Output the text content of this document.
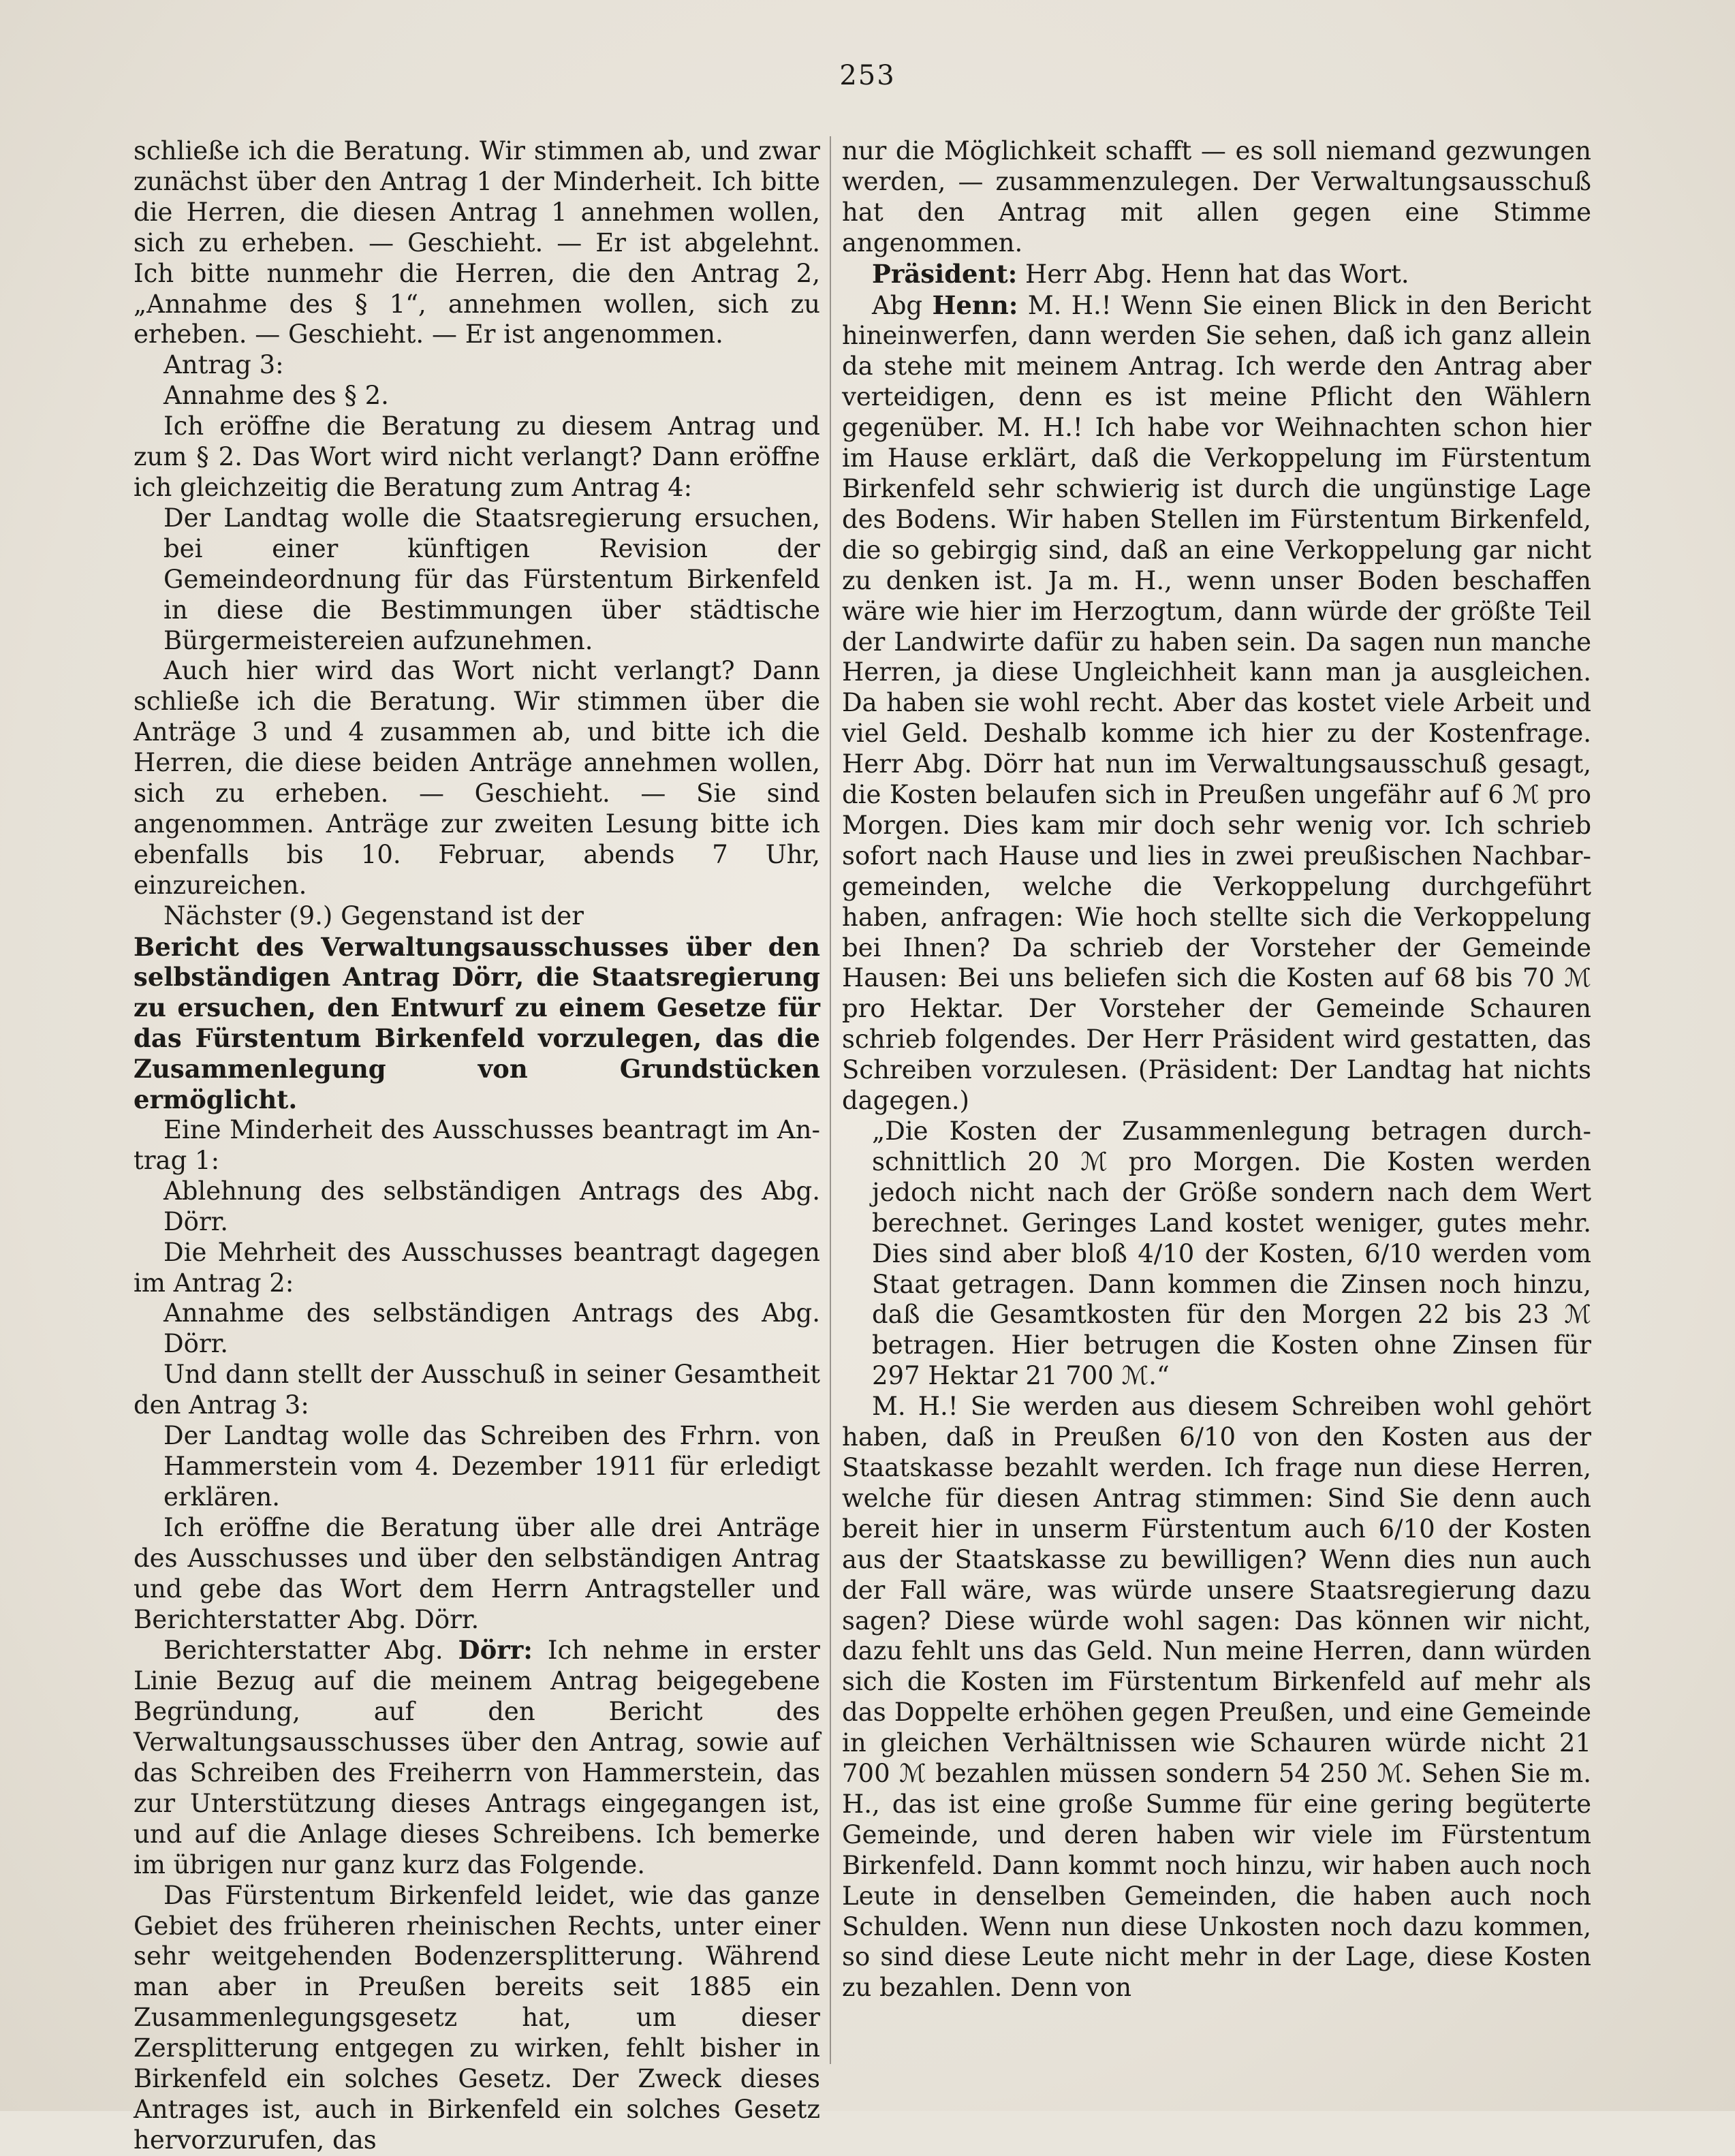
253

schließe ich die Beratung. Wir stimmen ab, und zwar zunächst über den Antrag 1 der Minderheit. Ich bitte die Herren, die diesen Antrag 1 annehmen wollen, sich zu erheben. — Geschieht. — Er ist abgelehnt. Ich bitte nunmehr die Herren, die den Antrag 2, „Annahme des § 1“, annehmen wollen, sich zu erheben. — Geschieht. — Er ist angenommen.

Antrag 3:

Annahme des § 2.

Ich eröffne die Beratung zu diesem Antrag und zum § 2. Das Wort wird nicht verlangt? Dann eröffne ich gleichzeitig die Beratung zum Antrag 4:

Der Landtag wolle die Staatsregierung ersuchen, bei einer künftigen Revision der Gemeindeordnung für das Fürstentum Birkenfeld in diese die Bestimmungen über städtische Bürgermeistereien aufzunehmen.

Auch hier wird das Wort nicht verlangt? Dann schließe ich die Beratung. Wir stimmen über die Anträge 3 und 4 zusammen ab, und bitte ich die Herren, die diese beiden Anträge annehmen wollen, sich zu erheben. — Geschieht. — Sie sind angenommen. Anträge zur zweiten Lesung bitte ich ebenfalls bis 10. Februar, abends 7 Uhr, einzureichen.

Nächster (9.) Gegenstand ist der

Bericht des Verwaltungsausschusses über den selbständigen Antrag Dörr, die Staatsregierung zu ersuchen, den Entwurf zu einem Gesetze für das Fürstentum Birkenfeld vorzulegen, das die Zusammenlegung von Grundstücken ermöglicht.

Eine Minderheit des Ausschusses beantragt im Antrag 1:

Ablehnung des selbständigen Antrags des Abg. Dörr.

Die Mehrheit des Ausschusses beantragt dagegen im Antrag 2:

Annahme des selbständigen Antrags des Abg. Dörr.

Und dann stellt der Ausschuß in seiner Gesamtheit den Antrag 3:

Der Landtag wolle das Schreiben des Frhrn. von Hammerstein vom 4. Dezember 1911 für erledigt erklären.

Ich eröffne die Beratung über alle drei Anträge des Ausschusses und über den selbständigen Antrag und gebe das Wort dem Herrn Antragsteller und Berichterstatter Abg. Dörr.

Berichterstatter Abg. Dörr: Ich nehme in erster Linie Bezug auf die meinem Antrag beigegebene Begründung, auf den Bericht des Verwaltungsausschusses über den Antrag, sowie auf das Schreiben des Freiherrn von Hammerstein, das zur Unterstützung dieses Antrags eingegangen ist, und auf die Anlage dieses Schreibens. Ich bemerke im übrigen nur ganz kurz das Folgende.

Das Fürstentum Birkenfeld leidet, wie das ganze Gebiet des früheren rheinischen Rechts, unter einer sehr weitgehenden Bodenzersplitterung. Während man aber in Preußen bereits seit 1885 ein Zusammenlegungsgesetz hat, um dieser Zersplitterung entgegen zu wirken, fehlt bisher in Birkenfeld ein solches Gesetz. Der Zweck dieses Antrages ist, auch in Birkenfeld ein solches Gesetz hervorzurufen, das

nur die Möglichkeit schafft — es soll niemand gezwungen werden, — zusammenzulegen. Der Verwaltungsausschuß hat den Antrag mit allen gegen eine Stimme angenommen.

Präsident: Herr Abg. Henn hat das Wort.

Abg Henn: M. H.! Wenn Sie einen Blick in den Bericht hineinwerfen, dann werden Sie sehen, daß ich ganz allein da stehe mit meinem Antrag. Ich werde den Antrag aber verteidigen, denn es ist meine Pflicht den Wählern gegenüber. M. H.! Ich habe vor Weihnachten schon hier im Hause erklärt, daß die Verkoppelung im Fürstentum Birkenfeld sehr schwierig ist durch die ungünstige Lage des Bodens. Wir haben Stellen im Fürstentum Birkenfeld, die so gebirgig sind, daß an eine Verkoppelung gar nicht zu denken ist. Ja m. H., wenn unser Boden beschaffen wäre wie hier im Herzogtum, dann würde der größte Teil der Landwirte dafür zu haben sein. Da sagen nun manche Herren, ja diese Ungleichheit kann man ja ausgleichen. Da haben sie wohl recht. Aber das kostet viele Arbeit und viel Geld. Deshalb komme ich hier zu der Kostenfrage. Herr Abg. Dörr hat nun im Verwaltungsausschuß gesagt, die Kosten belaufen sich in Preußen ungefähr auf 6 ℳ pro Morgen. Dies kam mir doch sehr wenig vor. Ich schrieb sofort nach Hause und lies in zwei preußischen Nachbargemeinden, welche die Verkoppelung durchgeführt haben, anfragen: Wie hoch stellte sich die Verkoppelung bei Ihnen? Da schrieb der Vorsteher der Gemeinde Hausen: Bei uns beliefen sich die Kosten auf 68 bis 70 ℳ pro Hektar. Der Vorsteher der Gemeinde Schauren schrieb folgendes. Der Herr Präsident wird gestatten, das Schreiben vorzulesen. (Präsident: Der Landtag hat nichts dagegen.)

„Die Kosten der Zusammenlegung betragen durchschnittlich 20 ℳ pro Morgen. Die Kosten werden jedoch nicht nach der Größe sondern nach dem Wert berechnet. Geringes Land kostet weniger, gutes mehr. Dies sind aber bloß 4/10 der Kosten, 6/10 werden vom Staat getragen. Dann kommen die Zinsen noch hinzu, daß die Gesamtkosten für den Morgen 22 bis 23 ℳ betragen. Hier betrugen die Kosten ohne Zinsen für 297 Hektar 21 700 ℳ.“

M. H.! Sie werden aus diesem Schreiben wohl gehört haben, daß in Preußen 6/10 von den Kosten aus der Staatskasse bezahlt werden. Ich frage nun diese Herren, welche für diesen Antrag stimmen: Sind Sie denn auch bereit hier in unserm Fürstentum auch 6/10 der Kosten aus der Staatskasse zu bewilligen? Wenn dies nun auch der Fall wäre, was würde unsere Staatsregierung dazu sagen? Diese würde wohl sagen: Das können wir nicht, dazu fehlt uns das Geld. Nun meine Herren, dann würden sich die Kosten im Fürstentum Birkenfeld auf mehr als das Doppelte erhöhen gegen Preußen, und eine Gemeinde in gleichen Verhältnissen wie Schauren würde nicht 21 700 ℳ bezahlen müssen sondern 54 250 ℳ. Sehen Sie m. H., das ist eine große Summe für eine gering begüterte Gemeinde, und deren haben wir viele im Fürstentum Birkenfeld. Dann kommt noch hinzu, wir haben auch noch Leute in denselben Gemeinden, die haben auch noch Schulden. Wenn nun diese Unkosten noch dazu kommen, so sind diese Leute nicht mehr in der Lage, diese Kosten zu bezahlen. Denn von
